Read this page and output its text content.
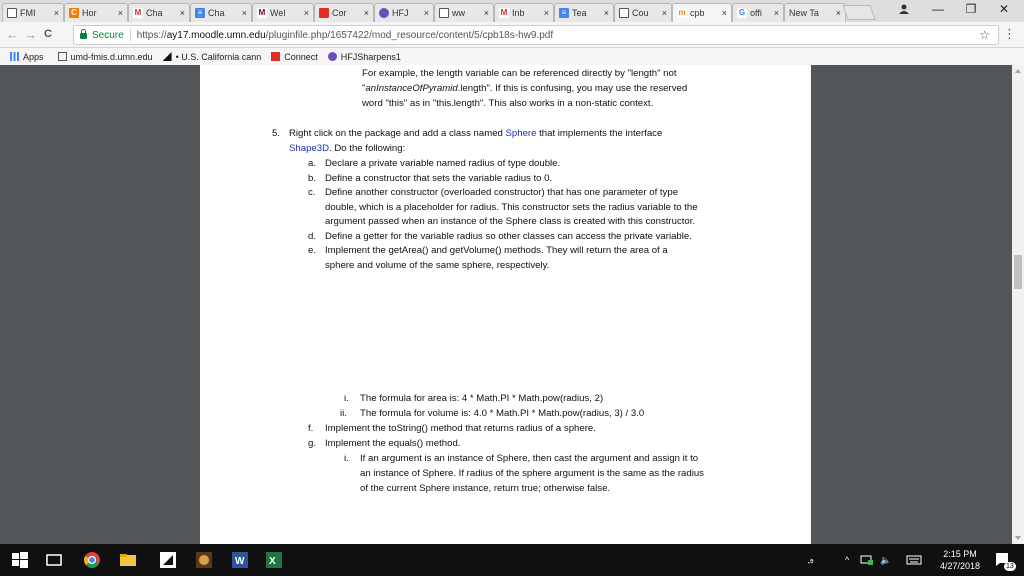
FMI	× C Hor	× M Cha	×	≡ Cha	× M Wel	×	Cor	×	HFJ	×	ww	× M Inb	×	≡ Tea	×	Cou	× m cpb	× G offi	× New Ta	×	—	❐	✕
← → C	Secure https://ay17.moodle.umn.edu/pluginfile.php/1657422/mod_resource/content/5/cpb18s-hw9.pdf	☆ ⋮
Apps	umd-fmis.d.umn.edu	• U.S. California cann	Connect	HFJSharpens1
For example, the length variable can be referenced directly by "length" not
"anInstanceOfPyramid.length". If this is confusing, you may use the reserved
word "this" as in "this.length". This also works in a non-static context.
5. Right click on the package and add a class named Sphere that implements the interface
Shape3D. Do the following:
a. Declare a private variable named radius of type double.
b. Define a constructor that sets the variable radius to 0.
c. Define another constructor (overloaded constructor) that has one parameter of type
double, which is a placeholder for radius. This constructor sets the radius variable to the
argument passed when an instance of the Sphere class is created with this constructor.
d. Define a getter for the variable radius so other classes can access the private variable.
e. Implement the getArea() and getVolume() methods. They will return the area of a
sphere and volume of the same sphere, respectively.
i. The formula for area is: 4 * Math.PI * Math.pow(radius, 2)
ii. The formula for volume is: 4.0 * Math.PI * Math.pow(radius, 3) / 3.0
f. Implement the toString() method that returns radius of a sphere.
g. Implement the equals() method.
i. If an argument is an instance of Sphere, then cast the argument and assign it to
an instance of Sphere. If radius of the sphere argument is the same as the radius
of the current Sphere instance, return true; otherwise false.
W X	ꭿ	^	🔈
2:15 PM
4/27/2018	13
